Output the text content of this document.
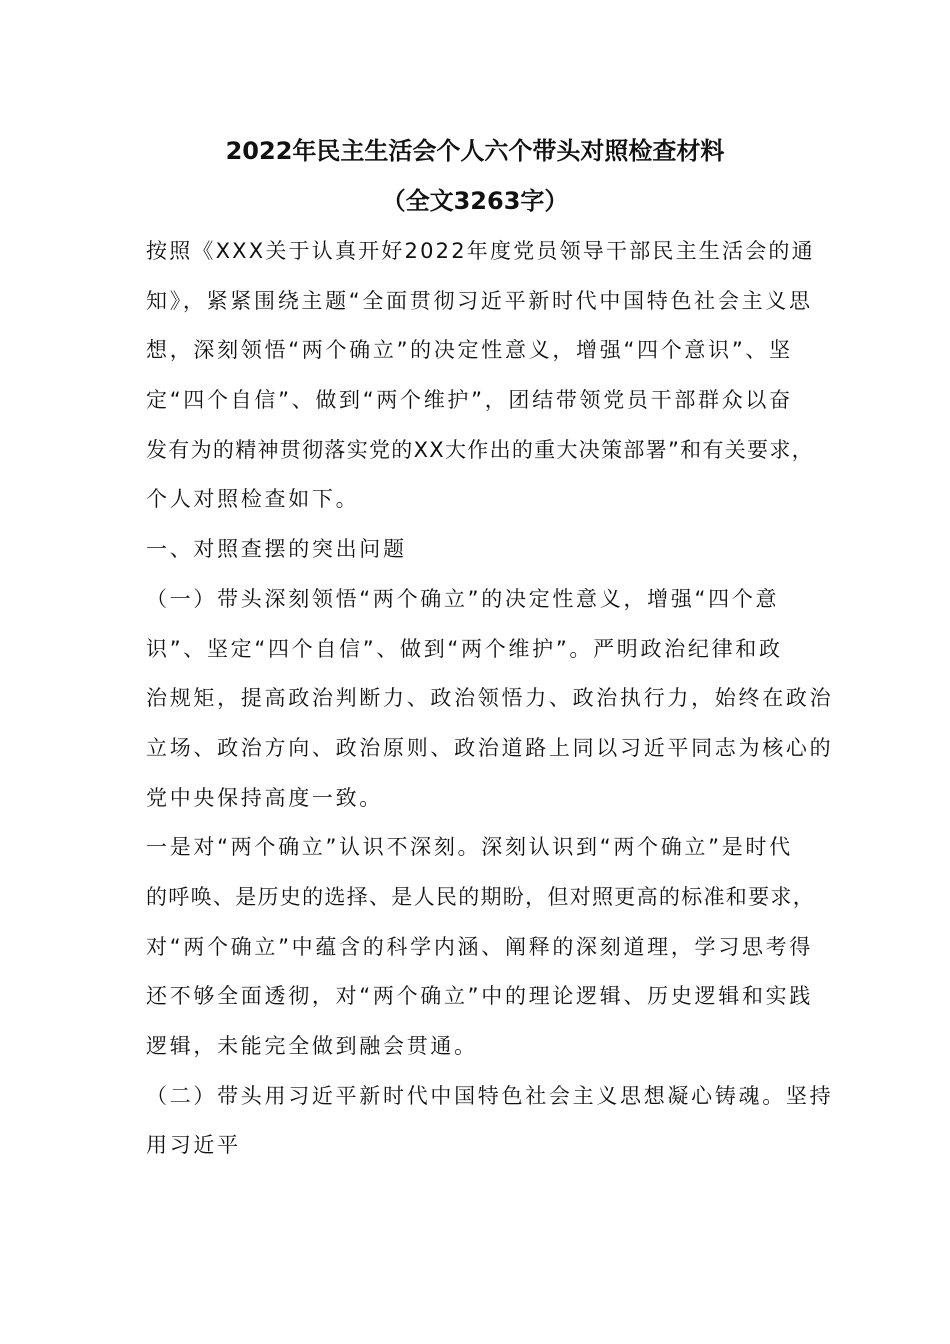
2022年民主生活会个人六个带头对照检查材料
（全文3263字）
按照《XXX关于认真开好2022年度党员领导干部民主生活会的通
知》，紧紧围绕主题“全面贯彻习近平新时代中国特色社会主义思
想，深刻领悟“两个确立”的决定性意义，增强“四个意识”、坚
定“四个自信”、做到“两个维护”，团结带领党员干部群众以奋
发有为的精神贯彻落实党的XX大作出的重大决策部署”和有关要求，
个人对照检查如下。
一、对照查摆的突出问题
（一）带头深刻领悟“两个确立”的决定性意义，增强“四个意
识”、坚定“四个自信”、做到“两个维护”。严明政治纪律和政
治规矩，提高政治判断力、政治领悟力、政治执行力，始终在政治
立场、政治方向、政治原则、政治道路上同以习近平同志为核心的
党中央保持高度一致。
一是对“两个确立”认识不深刻。深刻认识到“两个确立”是时代
的呼唤、是历史的选择、是人民的期盼，但对照更高的标准和要求，
对“两个确立”中蕴含的科学内涵、阐释的深刻道理，学习思考得
还不够全面透彻，对“两个确立”中的理论逻辑、历史逻辑和实践
逻辑，未能完全做到融会贯通。
（二）带头用习近平新时代中国特色社会主义思想凝心铸魂。坚持
用习近平
